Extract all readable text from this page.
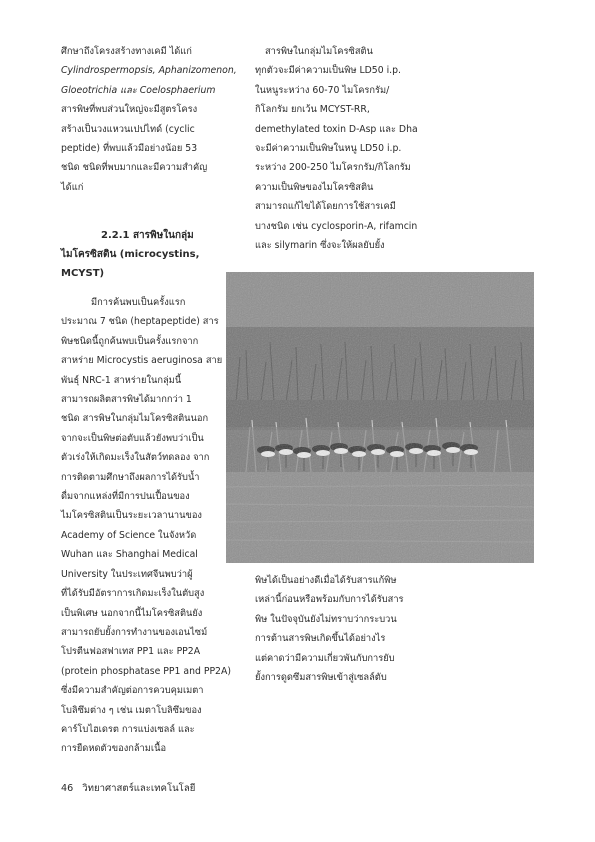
ศึกษาถึงโครงสร้างทางเคมี ได้แก่

Cylindrospermopsis, Aphanizomenon,

Gloeotrichia และ Coelosphaerium

สารพิษที่พบส่วนใหญ่จะมีสูตรโครง

สร้างเป็นวงแหวนเปปไทด์ (cyclic

peptide) ที่พบแล้วมีอย่างน้อย 53

ชนิด ชนิดที่พบมากและมีความสำคัญ

ได้แก่

2.2.1 สารพิษในกลุ่ม

ไมโครซิสติน (microcystins,

MCYST)

มีการค้นพบเป็นครั้งแรก

ประมาณ 7 ชนิด (heptapeptide) สาร

พิษชนิดนี้ถูกค้นพบเป็นครั้งแรกจาก

สาหร่าย Microcystis aeruginosa สาย

พันธุ์ NRC-1 สาหร่ายในกลุ่มนี้

สามารถผลิตสารพิษได้มากกว่า 1

ชนิด สารพิษในกลุ่มไมโครซิสตินนอก

จากจะเป็นพิษต่อตับแล้วยังพบว่าเป็น

ตัวเร่งให้เกิดมะเร็งในสัตว์ทดลอง จาก

การติดตามศึกษาถึงผลการได้รับน้ำ

ดื่มจากแหล่งที่มีการปนเปื้อนของ

ไมโครซิสตินเป็นระยะเวลานานของ

Academy of Science ในจังหวัด

Wuhan และ Shanghai Medical

University ในประเทศจีนพบว่าผู้

ที่ได้รับมีอัตราการเกิดมะเร็งในตับสูง

เป็นพิเศษ นอกจากนี้ไมโครซิสตินยัง

สามารถยับยั้งการทำงานของเอนไซม์

โปรตีนฟอสฟาเทส PP1 และ PP2A

(protein phosphatase PP1 and PP2A)

ซึ่งมีความสำคัญต่อการควบคุมเมตา

โบลิซึมต่าง ๆ เช่น เมตาโบลิซึมของ

คาร์โบไฮเดรต การแบ่งเซลล์ และ

การยืดหดตัวของกล้ามเนื้อ

สารพิษในกลุ่มไมโครซิสติน

ทุกตัวจะมีค่าความเป็นพิษ LD50 i.p.

ในหนูระหว่าง 60-70 ไมโครกรัม/

กิโลกรัม ยกเว้น MCYST-RR,

demethylated toxin D-Asp และ Dha

จะมีค่าความเป็นพิษในหนู LD50 i.p.

ระหว่าง 200-250 ไมโครกรัม/กิโลกรัม

ความเป็นพิษของไมโครซิสติน

สามารถแก้ไขได้โดยการใช้สารเคมี

บางชนิด เช่น cyclosporin-A, rifamcin

และ silymarin ซึ่งจะให้ผลยับยั้ง

พิษได้เป็นอย่างดีเมื่อได้รับสารแก้พิษ

เหล่านี้ก่อนหรือพร้อมกับการได้รับสาร

พิษ ในปัจจุบันยังไม่ทราบว่ากระบวน

การต้านสารพิษเกิดขึ้นได้อย่างไร

แต่คาดว่ามีความเกี่ยวพันกับการยับ

ยั้งการดูดซึมสารพิษเข้าสู่เซลล์ตับ

46 วิทยาศาสตร์และเทคโนโลยี
